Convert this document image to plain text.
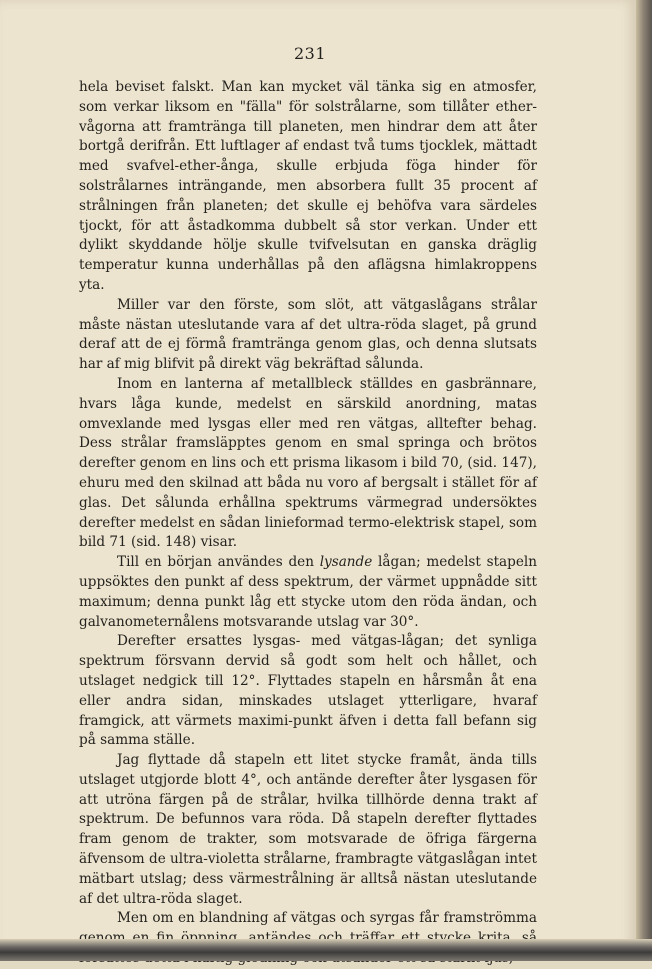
231

hela beviset falskt. Man kan mycket väl tänka sig en atmosfer, som verkar liksom en "fälla" för solstrålarne, som tillåter ether-vågorna att framtränga till planeten, men hindrar dem att åter bortgå derifrån. Ett luftlager af endast två tums tjocklek, mättadt med svafvel-ether-ånga, skulle erbjuda föga hinder för solstrålarnes inträngande, men absorbera fullt 35 procent af strålningen från planeten; det skulle ej behöfva vara särdeles tjockt, för att åstadkomma dubbelt så stor verkan. Under ett dylikt skyddande hölje skulle tvifvelsutan en ganska dräglig temperatur kunna underhållas på den aflägsna himlakroppens yta.

Miller var den förste, som slöt, att vätgaslågans strålar måste nästan uteslutande vara af det ultra-röda slaget, på grund deraf att de ej förmå framtränga genom glas, och denna slutsats har af mig blifvit på direkt väg bekräftad sålunda.

Inom en lanterna af metallbleck ställdes en gasbrännare, hvars låga kunde, medelst en särskild anordning, matas omvexlande med lysgas eller med ren vätgas, alltefter behag. Dess strålar framsläpptes genom en smal springa och brötos derefter genom en lins och ett prisma likasom i bild 70, (sid. 147), ehuru med den skilnad att båda nu voro af bergsalt i stället för af glas. Det sålunda erhållna spektrums värmegrad undersöktes derefter medelst en sådan linieformad termo-elektrisk stapel, som bild 71 (sid. 148) visar.

Till en början användes den lysande lågan; medelst stapeln uppsöktes den punkt af dess spektrum, der värmet uppnådde sitt maximum; denna punkt låg ett stycke utom den röda ändan, och galvanometernålens motsvarande utslag var 30°.

Derefter ersattes lysgas- med vätgas-lågan; det synliga spektrum försvann dervid så godt som helt och hållet, och utslaget nedgick till 12°. Flyttades stapeln en hårsmån åt ena eller andra sidan, minskades utslaget ytterligare, hvaraf framgick, att värmets maximi-punkt äfven i detta fall befann sig på samma ställe.

Jag flyttade då stapeln ett litet stycke framåt, ända tills utslaget utgjorde blott 4°, och antände derefter åter lysgasen för att utröna färgen på de strålar, hvilka tillhörde denna trakt af spektrum. De befunnos vara röda. Då stapeln derefter flyttades fram genom de trakter, som motsvarade de öfriga färgerna äfvensom de ultra-violetta strålarne, frambragte vätgaslågan intet mätbart utslag; dess värmestrålning är alltså nästan uteslutande af det ultra-röda slaget.

Men om en blandning af vätgas och syrgas får framströmma
